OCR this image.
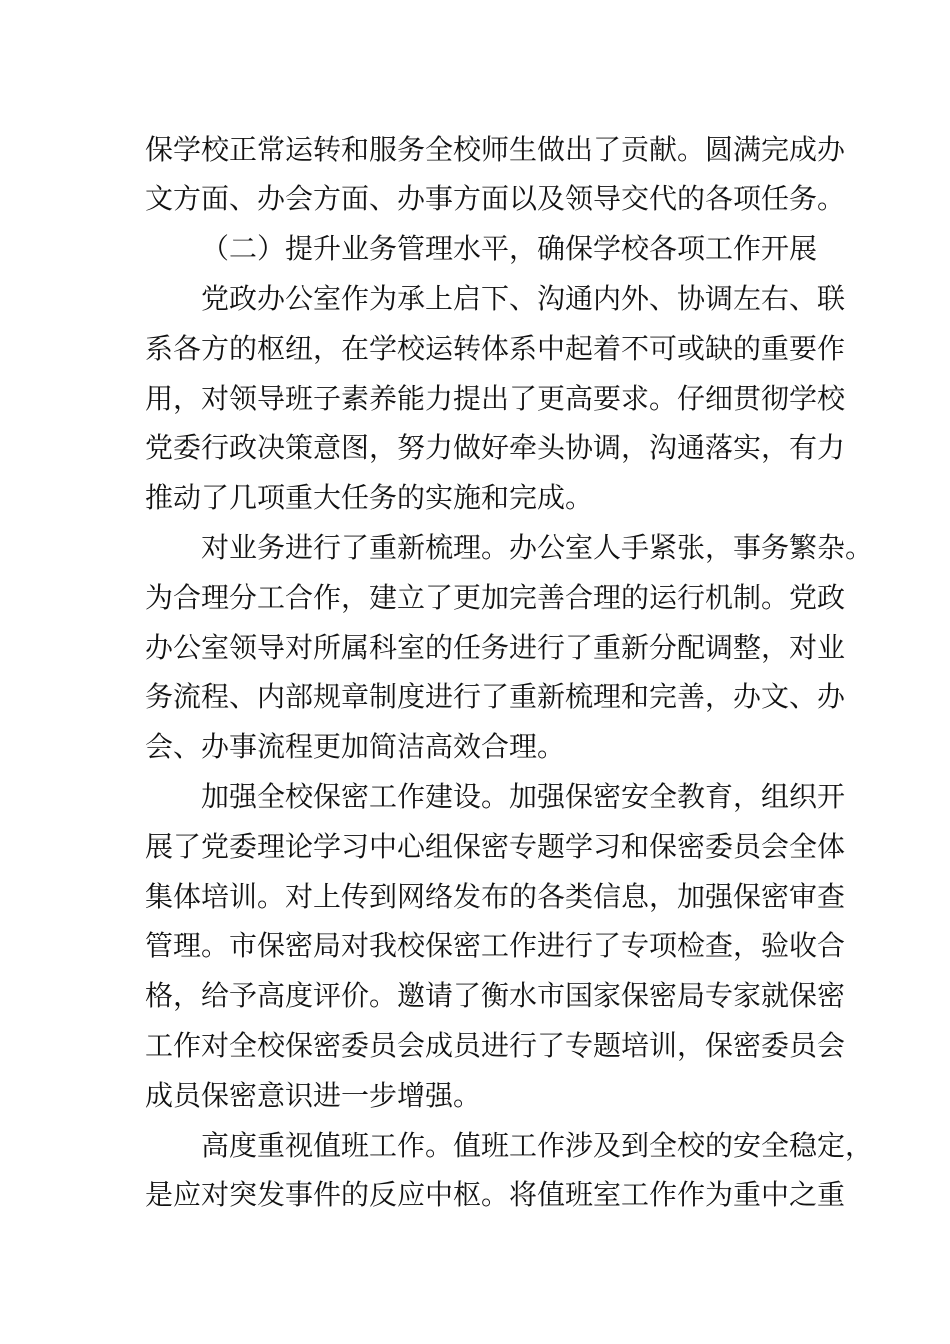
保学校正常运转和服务全校师生做出了贡献。圆满完成办
文方面、办会方面、办事方面以及领导交代的各项任务。
（二）提升业务管理水平，确保学校各项工作开展
党政办公室作为承上启下、沟通内外、协调左右、联
系各方的枢纽，在学校运转体系中起着不可或缺的重要作
用，对领导班子素养能力提出了更高要求。仔细贯彻学校
党委行政决策意图，努力做好牵头协调，沟通落实，有力
推动了几项重大任务的实施和完成。
对业务进行了重新梳理。办公室人手紧张，事务繁杂。
为合理分工合作，建立了更加完善合理的运行机制。党政
办公室领导对所属科室的任务进行了重新分配调整，对业
务流程、内部规章制度进行了重新梳理和完善，办文、办
会、办事流程更加简洁高效合理。
加强全校保密工作建设。加强保密安全教育，组织开
展了党委理论学习中心组保密专题学习和保密委员会全体
集体培训。对上传到网络发布的各类信息，加强保密审查
管理。市保密局对我校保密工作进行了专项检查，验收合
格，给予高度评价。邀请了衡水市国家保密局专家就保密
工作对全校保密委员会成员进行了专题培训，保密委员会
成员保密意识进一步增强。
高度重视值班工作。值班工作涉及到全校的安全稳定，
是应对突发事件的反应中枢。将值班室工作作为重中之重
